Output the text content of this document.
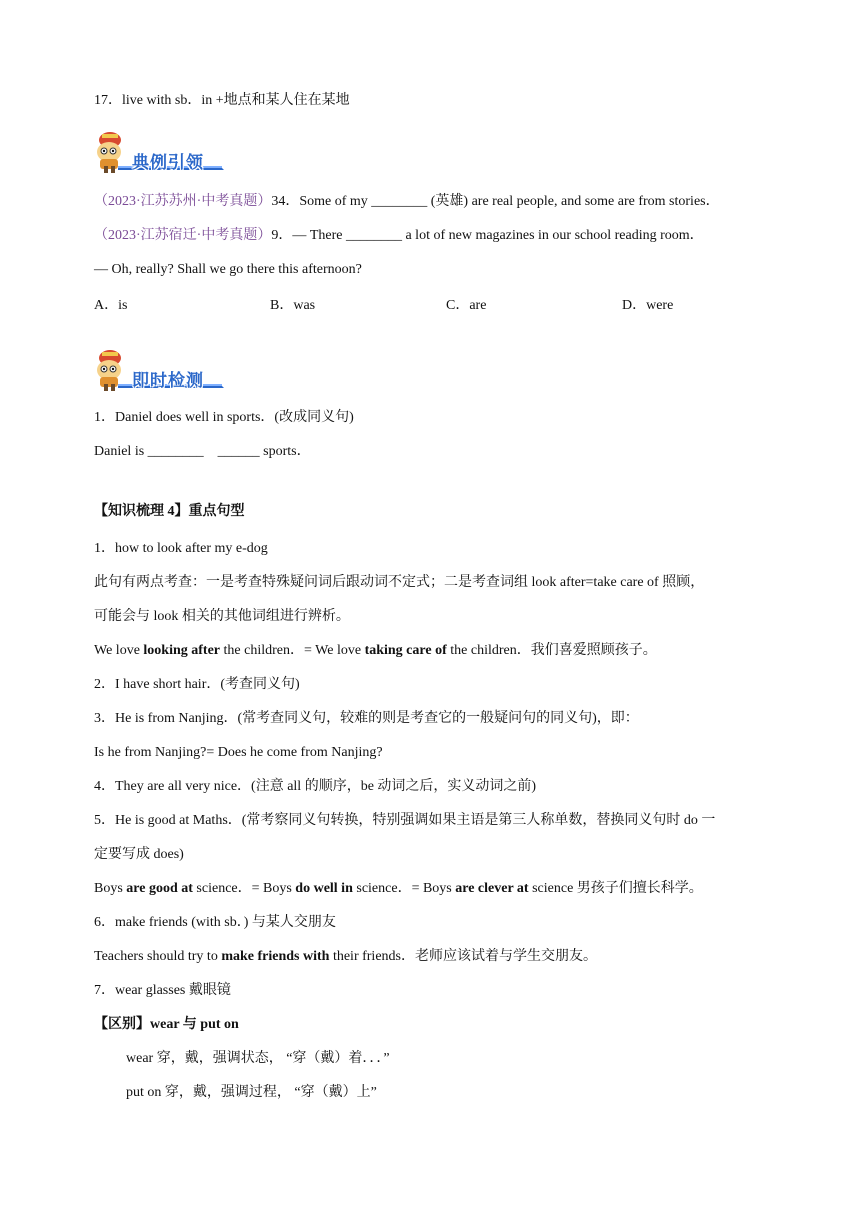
17．live with sb．in +地点和某人住在某地
典例引领
（2023·江苏苏州·中考真题）34．Some of my ________ (英雄) are real people, and some are from stories．
（2023·江苏宿迁·中考真题）9．— There ________ a lot of new magazines in our school reading room．
— Oh, really? Shall we go there this afternoon?
A．is	B．was	C．are	D．were
即时检测
1．Daniel does well in sports．(改成同义句)
Daniel is ________ ______ sports．
【知识梳理 4】重点句型
1．how to look after my e-dog
此句有两点考查：一是考查特殊疑问词后跟动词不定式；二是考查词组 look after=take care of 照顾，
可能会与 look 相关的其他词组进行辨析。
We love looking after the children．= We love taking care of the children．我们喜爱照顾孩子。
2．I have short hair．(考查同义句)
3．He is from Nanjing．(常考查同义句，较难的则是考查它的一般疑问句的同义句)，即：
Is he from Nanjing?= Does he come from Nanjing?
4．They are all very nice．(注意 all 的顺序，be 动词之后，实义动词之前)
5．He is good at Maths．(常考察同义句转换，特别强调如果主语是第三人称单数，替换同义句时 do 一
定要写成 does)
Boys are good at science．= Boys do well in science．= Boys are clever at science 男孩子们擅长科学。
6．make friends (with sb．) 与某人交朋友
Teachers should try to make friends with their friends．老师应该试着与学生交朋友。
7．wear glasses 戴眼镜
【区别】wear 与 put on
wear 穿，戴，强调状态， “穿（戴）着．．．”
put on 穿，戴，强调过程， “穿（戴）上”
